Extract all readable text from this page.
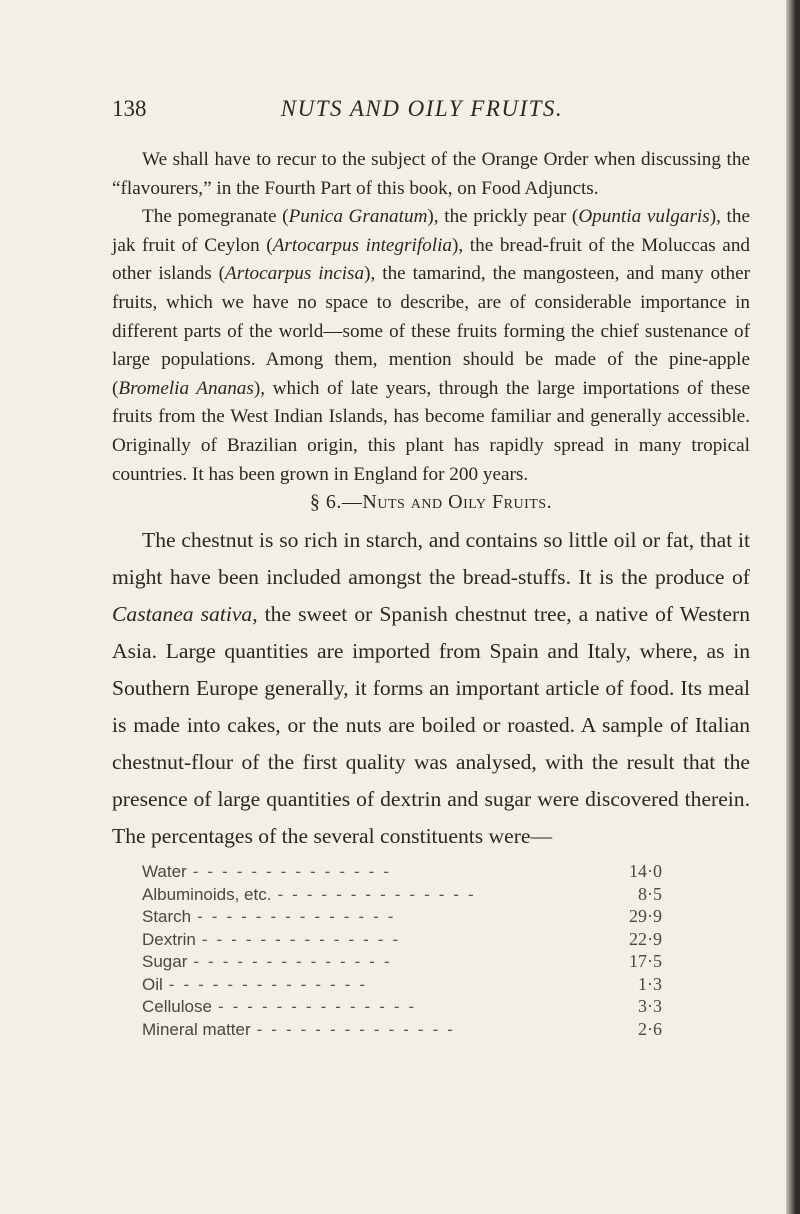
138	NUTS AND OILY FRUITS.

We shall have to recur to the subject of the Orange Order when discussing the “flavourers,” in the Fourth Part of this book, on Food Adjuncts.

The pomegranate (Punica Granatum), the prickly pear (Opuntia vulgaris), the jak fruit of Ceylon (Artocarpus integrifolia), the bread-fruit of the Moluccas and other islands (Artocarpus incisa), the tamarind, the mangosteen, and many other fruits, which we have no space to describe, are of considerable importance in different parts of the world—some of these fruits forming the chief sustenance of large populations. Among them, mention should be made of the pine-apple (Bromelia Ananas), which of late years, through the large importations of these fruits from the West Indian Islands, has become familiar and generally accessible. Originally of Brazilian origin, this plant has rapidly spread in many tropical countries. It has been grown in England for 200 years.

§ 6.—Nuts and Oily Fruits.

The chestnut is so rich in starch, and contains so little oil or fat, that it might have been included amongst the bread-stuffs. It is the produce of Castanea sativa, the sweet or Spanish chestnut tree, a native of Western Asia. Large quantities are imported from Spain and Italy, where, as in Southern Europe generally, it forms an important article of food. Its meal is made into cakes, or the nuts are boiled or roasted. A sample of Italian chestnut-flour of the first quality was analysed, with the result that the presence of large quantities of dextrin and sugar were discovered therein. The percentages of the several constituents were—

Water --------------	14·0
Albuminoids, etc. --------------	8·5
Starch --------------	29·9
Dextrin --------------	22·9
Sugar --------------	17·5
Oil --------------	1·3
Cellulose --------------	3·3
Mineral matter --------------	2·6
